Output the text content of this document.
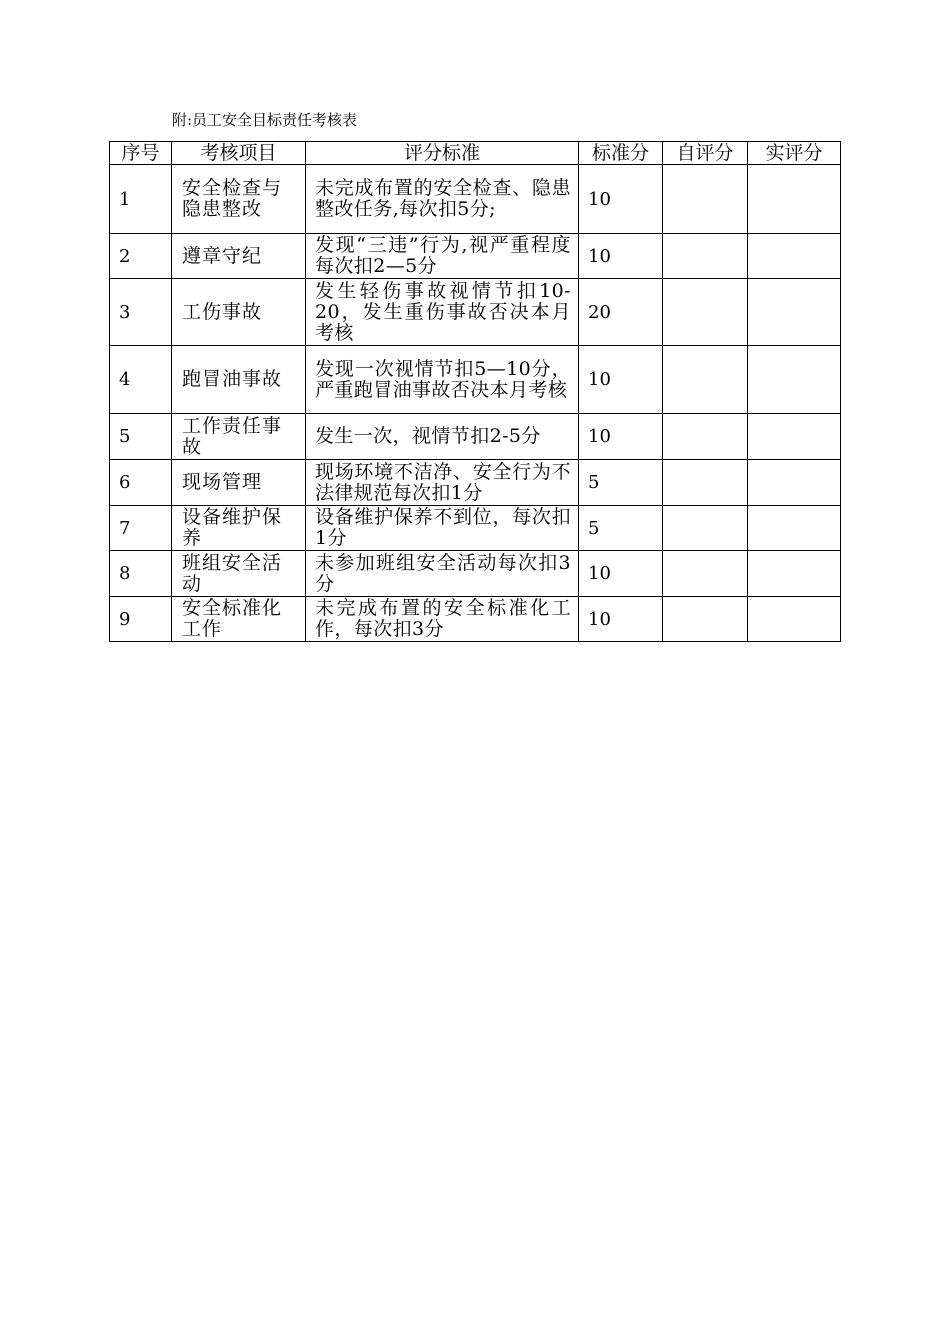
附:员工安全目标责任考核表
序号	考核项目	评分标准	标准分	自评分	实评分
1	安全检查与隐患整改	未完成布置的安全检查、隐患整改任务,每次扣5分;	10		
2	遵章守纪	发现“三违”行为,视严重程度每次扣2—5分	10		
3	工伤事故	发生轻伤事故视情节扣10-20，发生重伤事故否决本月考核	20		
4	跑冒油事故	发现一次视情节扣5—10分，严重跑冒油事故否决本月考核	10		
5	工作责任事故	发生一次，视情节扣2-5分	10		
6	现场管理	现场环境不洁净、安全行为不法律规范每次扣1分	5		
7	设备维护保养	设备维护保养不到位，每次扣1分	5		
8	班组安全活动	未参加班组安全活动每次扣3分	10		
9	安全标准化工作	未完成布置的安全标准化工作，每次扣3分	10		
